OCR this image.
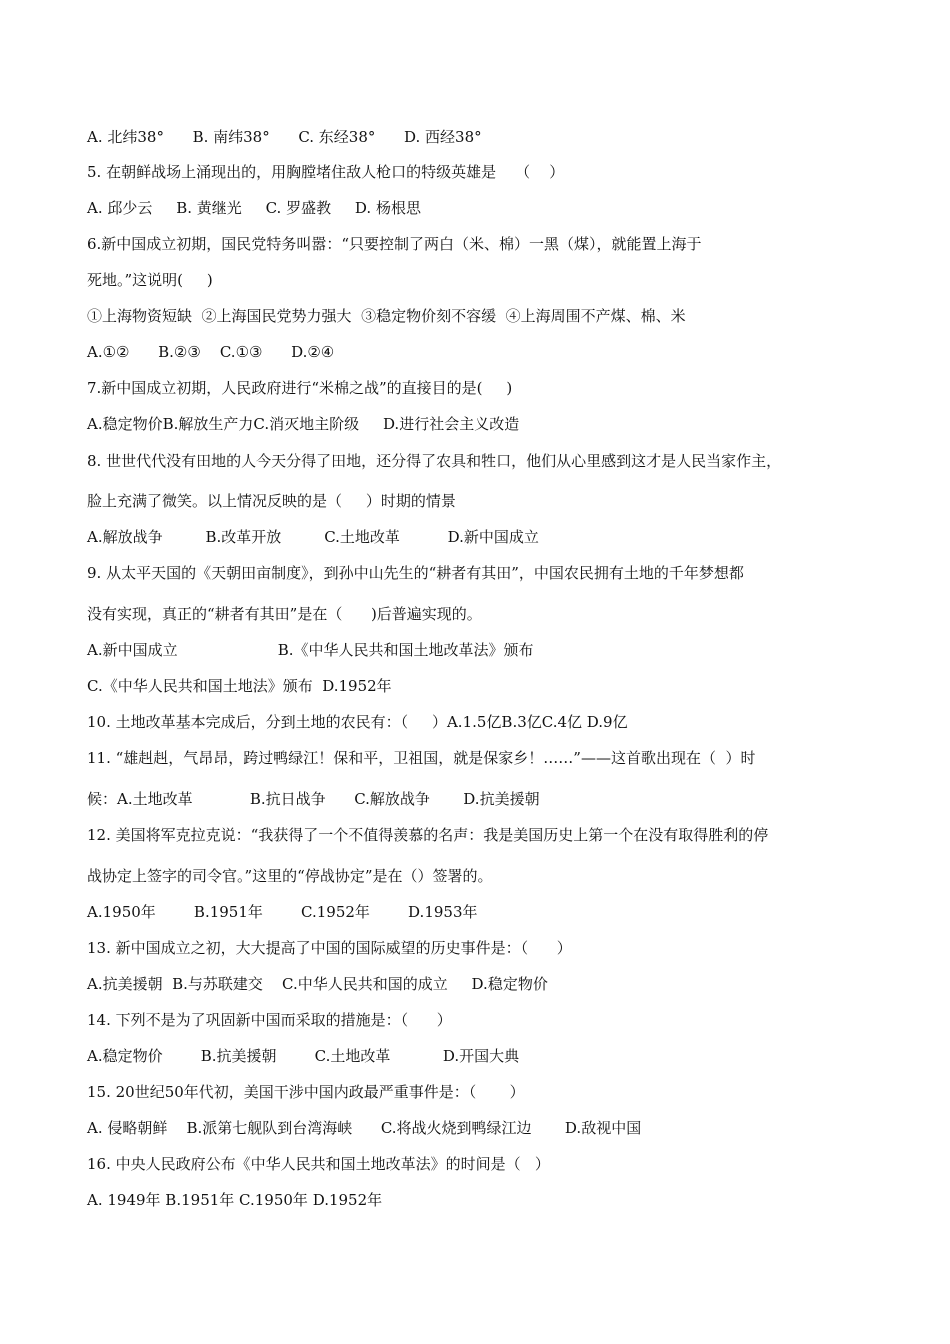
A. 北纬38°      B. 南纬38°      C. 东经38°      D. 西经38°
5. 在朝鲜战场上涌现出的，用胸膛堵住敌人枪口的特级英雄是    （    ）
A. 邱少云     B. 黄继光     C. 罗盛教     D. 杨根思
6.新中国成立初期，国民党特务叫嚣：“只要控制了两白（米、棉）一黑（煤），就能置上海于
死地。”这说明(     )
①上海物资短缺  ②上海国民党势力强大  ③稳定物价刻不容缓  ④上海周围不产煤、棉、米
A.①②      B.②③    C.①③      D.②④
7.新中国成立初期，人民政府进行“米棉之战”的直接目的是(     )
A.稳定物价B.解放生产力C.消灭地主阶级     D.进行社会主义改造
8. 世世代代没有田地的人今天分得了田地，还分得了农具和牲口，他们从心里感到这才是人民当家作主，
脸上充满了微笑。以上情况反映的是（     ）时期的情景
A.解放战争         B.改革开放         C.土地改革          D.新中国成立
9. 从太平天国的《天朝田亩制度》，到孙中山先生的“耕者有其田”，中国农民拥有土地的千年梦想都
没有实现，真正的“耕者有其田”是在（      )后普遍实现的。
A.新中国成立                     B.《中华人民共和国土地改革法》颁布
C.《中华人民共和国土地法》颁布  D.1952年
10. 土地改革基本完成后，分到土地的农民有：（     ）A.1.5亿B.3亿C.4亿 D.9亿
11. “雄赳赳，气昂昂，跨过鸭绿江！保和平，卫祖国，就是保家乡！……”——这首歌出现在（  ）时
候：A.土地改革            B.抗日战争      C.解放战争       D.抗美援朝
12. 美国将军克拉克说：“我获得了一个不值得羡慕的名声：我是美国历史上第一个在没有取得胜利的停
战协定上签字的司令官。”这里的“停战协定”是在（）签署的。
A.1950年        B.1951年        C.1952年        D.1953年
13. 新中国成立之初，大大提高了中国的国际威望的历史事件是：（      ）
A.抗美援朝  B.与苏联建交    C.中华人民共和国的成立     D.稳定物价
14. 下列不是为了巩固新中国而采取的措施是：（      ）
A.稳定物价        B.抗美援朝        C.土地改革           D.开国大典
15. 20世纪50年代初，美国干涉中国内政最严重事件是：（       ）
A. 侵略朝鲜    B.派第七舰队到台湾海峡      C.将战火烧到鸭绿江边       D.敌视中国
16. 中央人民政府公布《中华人民共和国土地改革法》的时间是（   ）
A. 1949年 B.1951年 C.1950年 D.1952年
